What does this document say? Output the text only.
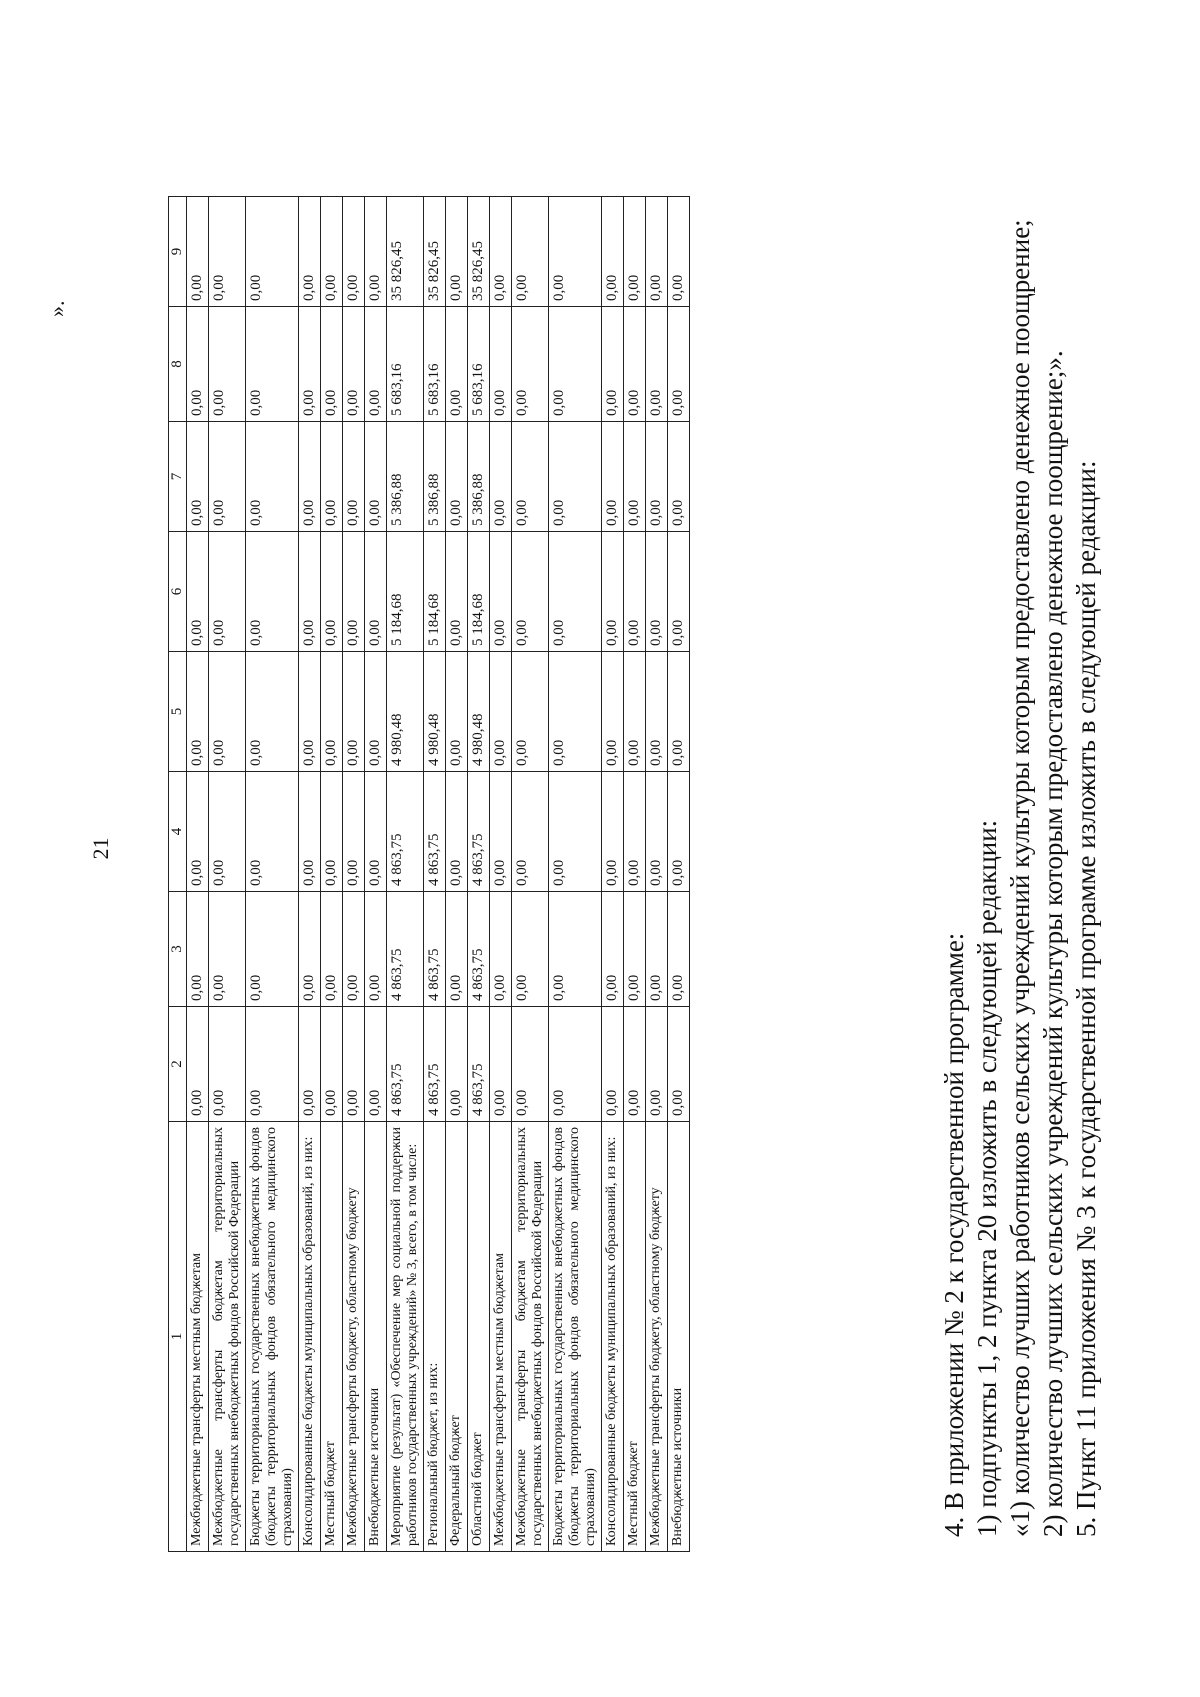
21
1	2	3	4	5	6	7	8	9
Межбюджетные трансферты местным бюджетам	0,00	0,00	0,00	0,00	0,00	0,00	0,00	0,00
Межбюджетные трансферты бюджетам территориальных государственных внебюджетных фондов Российской Федерации	0,00	0,00	0,00	0,00	0,00	0,00	0,00	0,00
Бюджеты территориальных государственных внебюджетных фондов (бюджеты территориальных фондов обязательного медицинского страхования)	0,00	0,00	0,00	0,00	0,00	0,00	0,00	0,00
Консолидированные бюджеты муниципальных образований, из них:	0,00	0,00	0,00	0,00	0,00	0,00	0,00	0,00
Местный бюджет	0,00	0,00	0,00	0,00	0,00	0,00	0,00	0,00
Межбюджетные трансферты бюджету, областному бюджету	0,00	0,00	0,00	0,00	0,00	0,00	0,00	0,00
Внебюджетные источники	0,00	0,00	0,00	0,00	0,00	0,00	0,00	0,00
Мероприятие (результат) «Обеспечение мер социальной поддержки работников государственных учреждений» № 3, всего, в том числе:	4 863,75	4 863,75	4 863,75	4 980,48	5 184,68	5 386,88	5 683,16	35 826,45
Региональный бюджет, из них:	4 863,75	4 863,75	4 863,75	4 980,48	5 184,68	5 386,88	5 683,16	35 826,45
Федеральный бюджет	0,00	0,00	0,00	0,00	0,00	0,00	0,00	0,00
Областной бюджет	4 863,75	4 863,75	4 863,75	4 980,48	5 184,68	5 386,88	5 683,16	35 826,45
Межбюджетные трансферты местным бюджетам	0,00	0,00	0,00	0,00	0,00	0,00	0,00	0,00
Межбюджетные трансферты бюджетам территориальных государственных внебюджетных фондов Российской Федерации	0,00	0,00	0,00	0,00	0,00	0,00	0,00	0,00
Бюджеты территориальных государственных внебюджетных фондов (бюджеты территориальных фондов обязательного медицинского страхования)	0,00	0,00	0,00	0,00	0,00	0,00	0,00	0,00
Консолидированные бюджеты муниципальных образований, из них:	0,00	0,00	0,00	0,00	0,00	0,00	0,00	0,00
Местный бюджет	0,00	0,00	0,00	0,00	0,00	0,00	0,00	0,00
Межбюджетные трансферты бюджету, областному бюджету	0,00	0,00	0,00	0,00	0,00	0,00	0,00	0,00
Внебюджетные источники	0,00	0,00	0,00	0,00	0,00	0,00	0,00	0,00
».

4. В приложении № 2 к государственной программе: 1) подпункты 1, 2 пункта 20 изложить в следующей редакции: «1) количество лучших работников сельских учреждений культуры которым предоставлено денежное поощрение; 2) количество лучших сельских учреждений культуры которым предоставлено денежное поощрение;». 5. Пункт 11 приложения № 3 к государственной программе изложить в следующей редакции:
